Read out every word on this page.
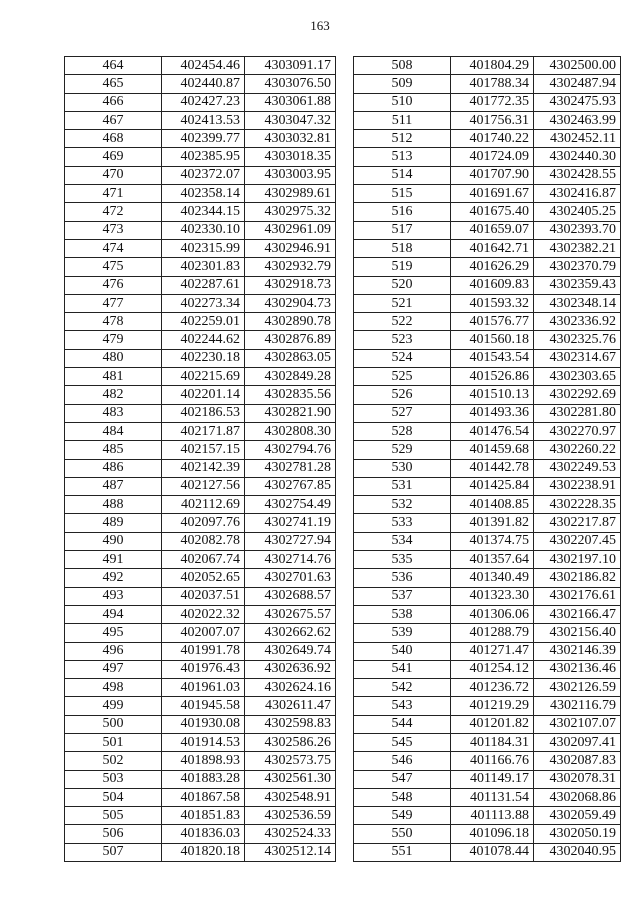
163
464	402454.46	4303091.17
465	402440.87	4303076.50
466	402427.23	4303061.88
467	402413.53	4303047.32
468	402399.77	4303032.81
469	402385.95	4303018.35
470	402372.07	4303003.95
471	402358.14	4302989.61
472	402344.15	4302975.32
473	402330.10	4302961.09
474	402315.99	4302946.91
475	402301.83	4302932.79
476	402287.61	4302918.73
477	402273.34	4302904.73
478	402259.01	4302890.78
479	402244.62	4302876.89
480	402230.18	4302863.05
481	402215.69	4302849.28
482	402201.14	4302835.56
483	402186.53	4302821.90
484	402171.87	4302808.30
485	402157.15	4302794.76
486	402142.39	4302781.28
487	402127.56	4302767.85
488	402112.69	4302754.49
489	402097.76	4302741.19
490	402082.78	4302727.94
491	402067.74	4302714.76
492	402052.65	4302701.63
493	402037.51	4302688.57
494	402022.32	4302675.57
495	402007.07	4302662.62
496	401991.78	4302649.74
497	401976.43	4302636.92
498	401961.03	4302624.16
499	401945.58	4302611.47
500	401930.08	4302598.83
501	401914.53	4302586.26
502	401898.93	4302573.75
503	401883.28	4302561.30
504	401867.58	4302548.91
505	401851.83	4302536.59
506	401836.03	4302524.33
507	401820.18	4302512.14
508	401804.29	4302500.00
509	401788.34	4302487.94
510	401772.35	4302475.93
511	401756.31	4302463.99
512	401740.22	4302452.11
513	401724.09	4302440.30
514	401707.90	4302428.55
515	401691.67	4302416.87
516	401675.40	4302405.25
517	401659.07	4302393.70
518	401642.71	4302382.21
519	401626.29	4302370.79
520	401609.83	4302359.43
521	401593.32	4302348.14
522	401576.77	4302336.92
523	401560.18	4302325.76
524	401543.54	4302314.67
525	401526.86	4302303.65
526	401510.13	4302292.69
527	401493.36	4302281.80
528	401476.54	4302270.97
529	401459.68	4302260.22
530	401442.78	4302249.53
531	401425.84	4302238.91
532	401408.85	4302228.35
533	401391.82	4302217.87
534	401374.75	4302207.45
535	401357.64	4302197.10
536	401340.49	4302186.82
537	401323.30	4302176.61
538	401306.06	4302166.47
539	401288.79	4302156.40
540	401271.47	4302146.39
541	401254.12	4302136.46
542	401236.72	4302126.59
543	401219.29	4302116.79
544	401201.82	4302107.07
545	401184.31	4302097.41
546	401166.76	4302087.83
547	401149.17	4302078.31
548	401131.54	4302068.86
549	401113.88	4302059.49
550	401096.18	4302050.19
551	401078.44	4302040.95
